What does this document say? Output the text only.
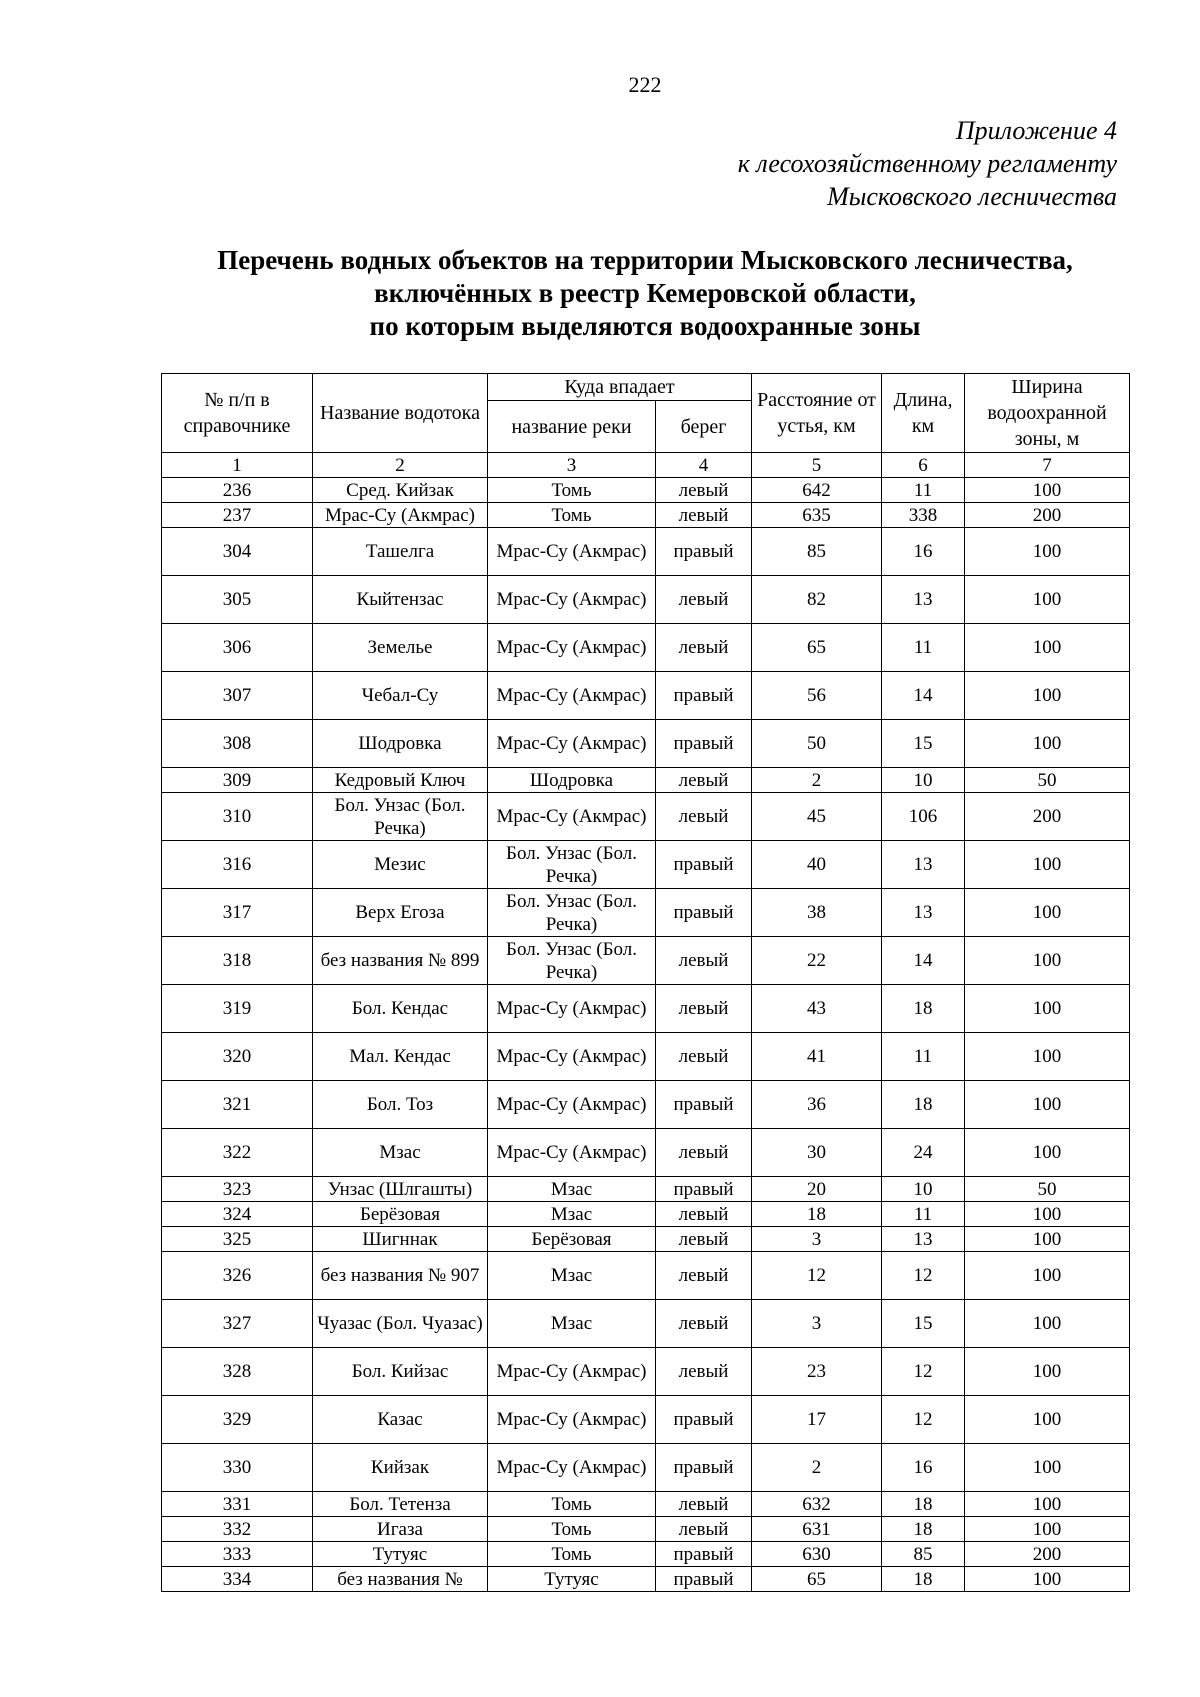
222
Приложение 4
к лесохозяйственному регламенту
Мысковского лесничества
Перечень водных объектов на территории Мысковского лесничества,
включённых в реестр Кемеровской области,
по которым выделяются водоохранные зоны
№ п/п в справочнике	Название водотока	Куда впадает		Расстояние от устья, км	Длина, км	Ширина водоохранной зоны, м
		название реки	берег			
1	2	3	4	5	6	7
236	Сред. Кийзак	Томь	левый	642	11	100
237	Мрас-Су (Акмрас)	Томь	левый	635	338	200
304	Ташелга	Мрас-Су (Акмрас)	правый	85	16	100
305	Кыйтензас	Мрас-Су (Акмрас)	левый	82	13	100
306	Земелье	Мрас-Су (Акмрас)	левый	65	11	100
307	Чебал-Су	Мрас-Су (Акмрас)	правый	56	14	100
308	Шодровка	Мрас-Су (Акмрас)	правый	50	15	100
309	Кедровый Ключ	Шодровка	левый	2	10	50
310	Бол. Унзас (Бол. Речка)	Мрас-Су (Акмрас)	левый	45	106	200
316	Мезис	Бол. Унзас (Бол. Речка)	правый	40	13	100
317	Верх Егоза	Бол. Унзас (Бол. Речка)	правый	38	13	100
318	без названия № 899	Бол. Унзас (Бол. Речка)	левый	22	14	100
319	Бол. Кендас	Мрас-Су (Акмрас)	левый	43	18	100
320	Мал. Кендас	Мрас-Су (Акмрас)	левый	41	11	100
321	Бол. Тоз	Мрас-Су (Акмрас)	правый	36	18	100
322	Мзас	Мрас-Су (Акмрас)	левый	30	24	100
323	Унзас (Шлгашты)	Мзас	правый	20	10	50
324	Берёзовая	Мзас	левый	18	11	100
325	Шигннак	Берёзовая	левый	3	13	100
326	без названия № 907	Мзас	левый	12	12	100
327	Чуазас (Бол. Чуазас)	Мзас	левый	3	15	100
328	Бол. Кийзас	Мрас-Су (Акмрас)	левый	23	12	100
329	Казас	Мрас-Су (Акмрас)	правый	17	12	100
330	Кийзак	Мрас-Су (Акмрас)	правый	2	16	100
331	Бол. Тетенза	Томь	левый	632	18	100
332	Игаза	Томь	левый	631	18	100
333	Тутуяс	Томь	правый	630	85	200
334	без названия №	Тутуяс	правый	65	18	100
